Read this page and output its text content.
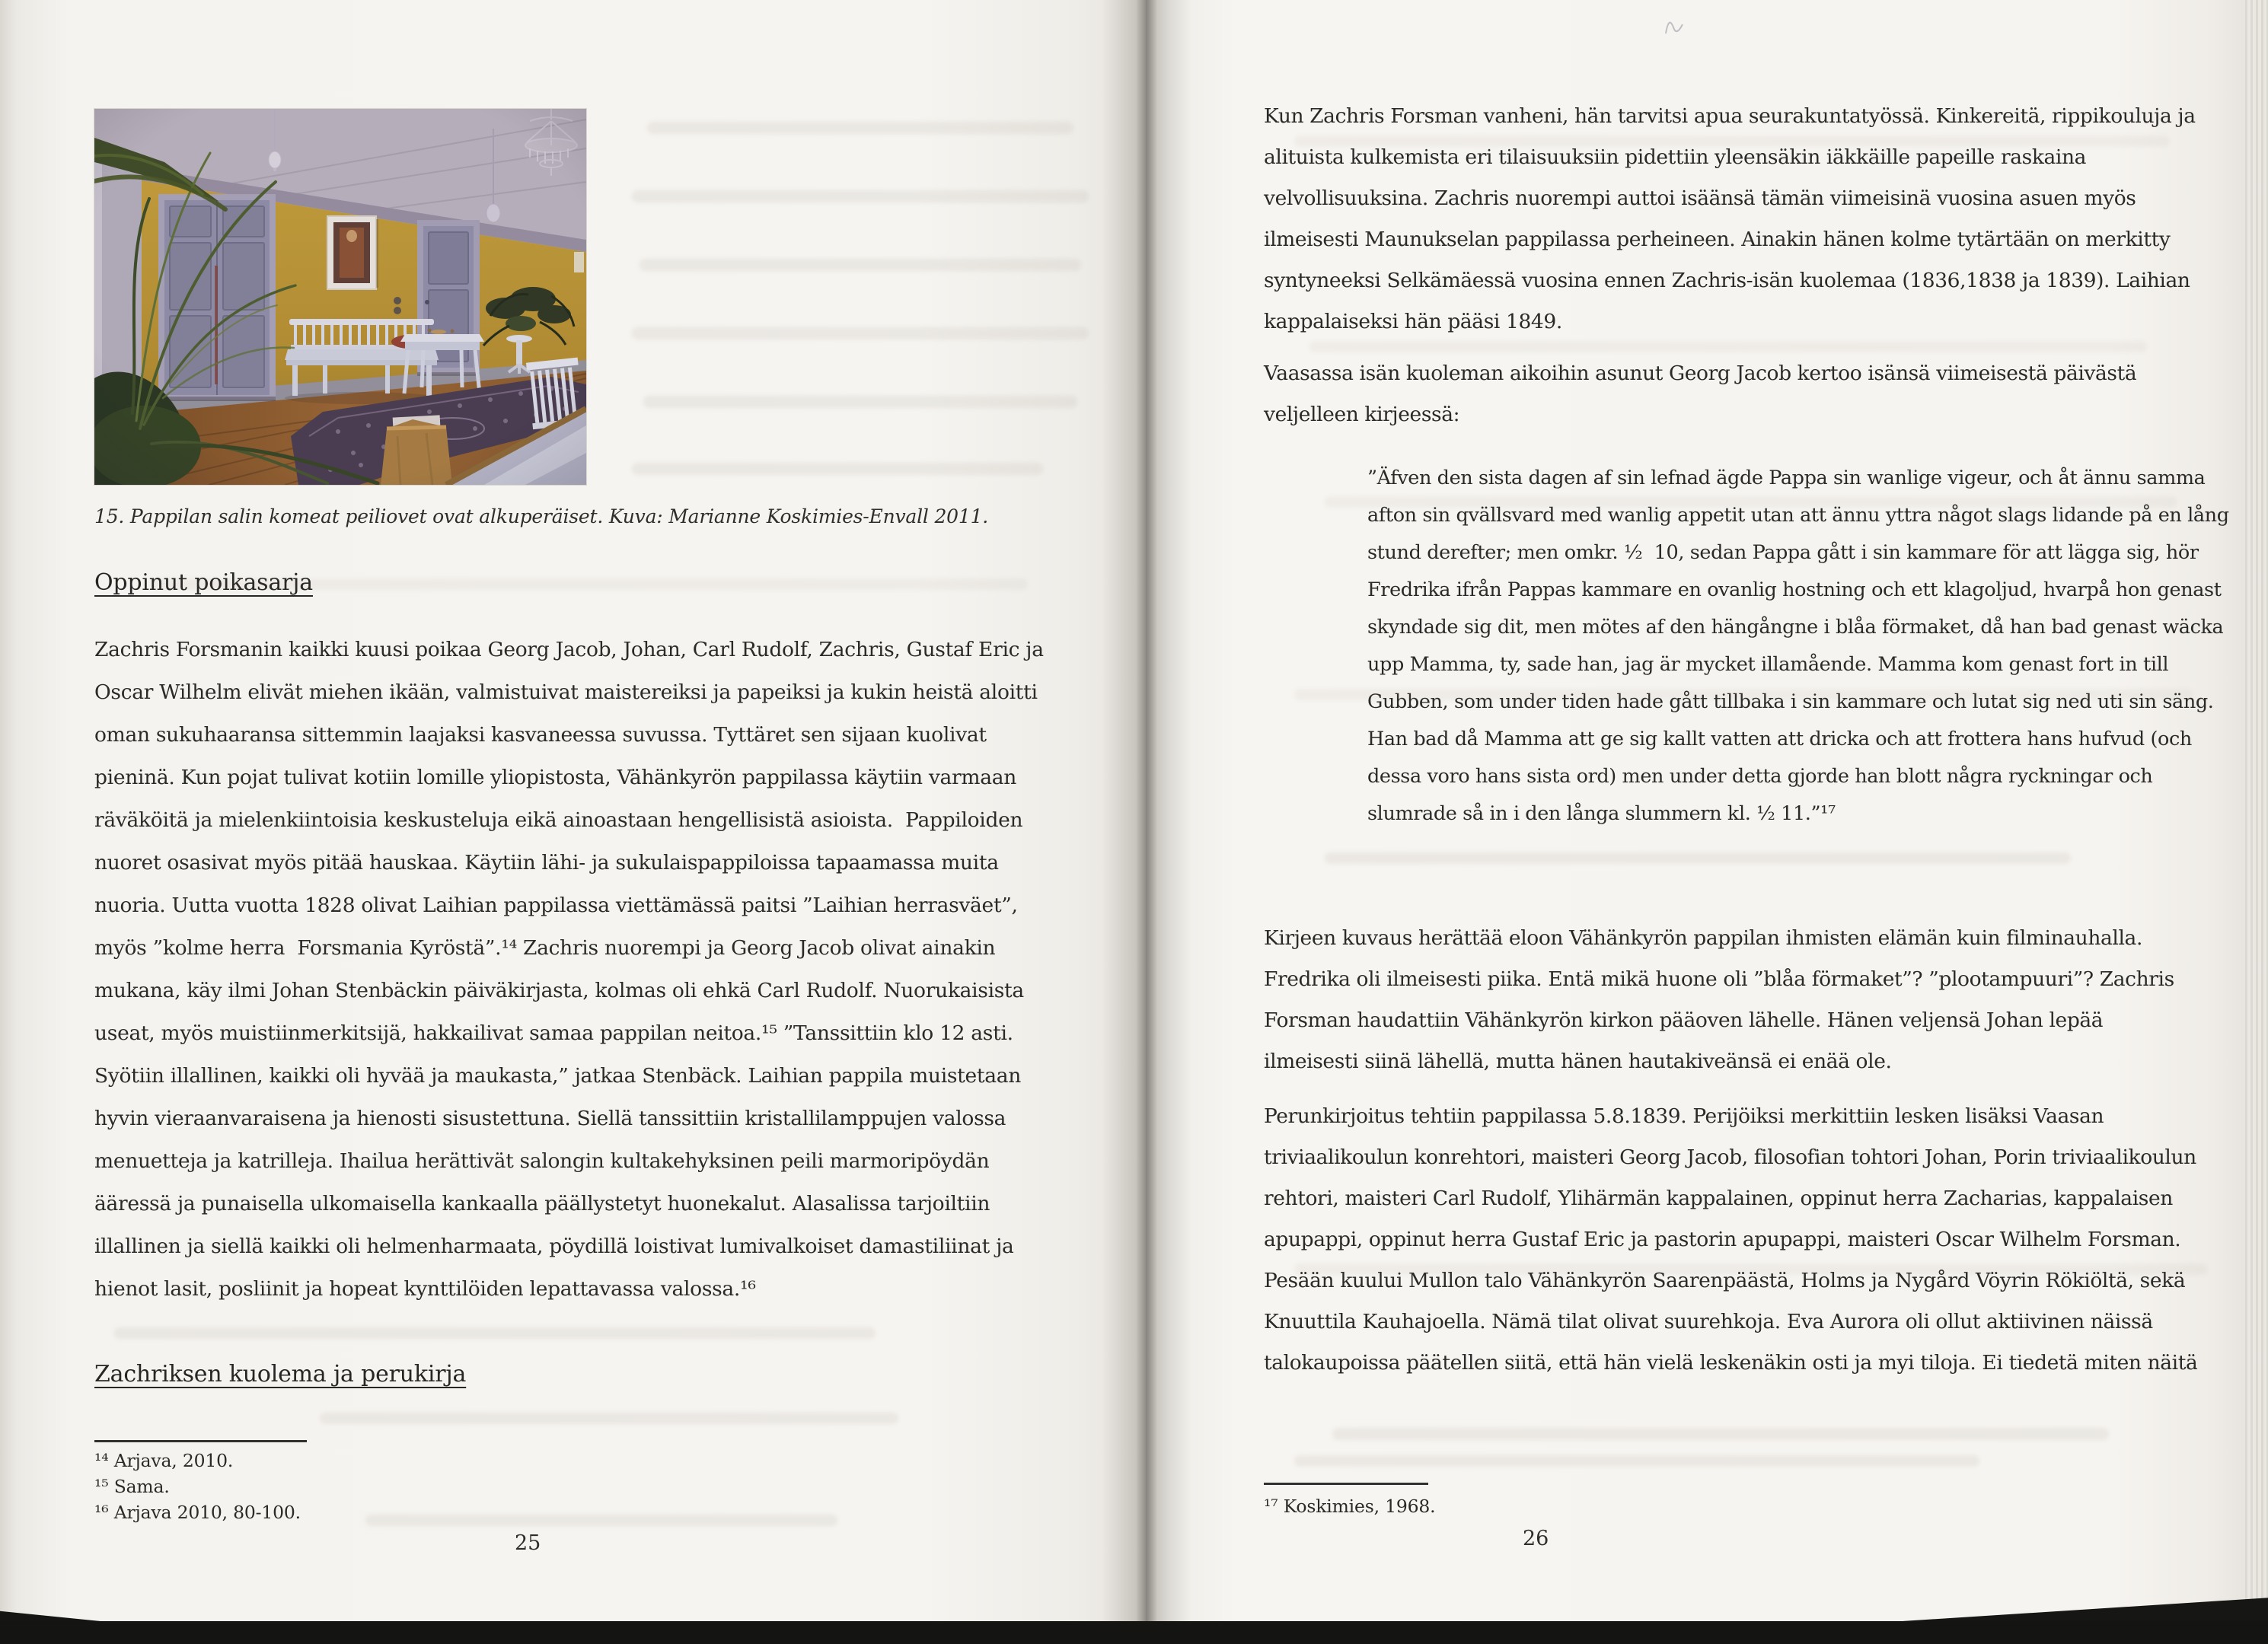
15. Pappilan salin komeat peiliovet ovat alkuperäiset. Kuva: Marianne Koskimies-Envall 2011.
Oppinut poikasarja
Zachris Forsmanin kaikki kuusi poikaa Georg Jacob, Johan, Carl Rudolf, Zachris, Gustaf Eric ja
Oscar Wilhelm elivät miehen ikään, valmistuivat maistereiksi ja papeiksi ja kukin heistä aloitti
oman sukuhaaransa sittemmin laajaksi kasvaneessa suvussa. Tyttäret sen sijaan kuolivat
pieninä. Kun pojat tulivat kotiin lomille yliopistosta, Vähänkyrön pappilassa käytiin varmaan
räväköitä ja mielenkiintoisia keskusteluja eikä ainoastaan hengellisistä asioista.  Pappiloiden
nuoret osasivat myös pitää hauskaa. Käytiin lähi- ja sukulaispappiloissa tapaamassa muita
nuoria. Uutta vuotta 1828 olivat Laihian pappilassa viettämässä paitsi ”Laihian herrasväet”,
myös ”kolme herra  Forsmania Kyröstä”.¹⁴ Zachris nuorempi ja Georg Jacob olivat ainakin
mukana, käy ilmi Johan Stenbäckin päiväkirjasta, kolmas oli ehkä Carl Rudolf. Nuorukaisista
useat, myös muistiinmerkitsijä, hakkailivat samaa pappilan neitoa.¹⁵ ”Tanssittiin klo 12 asti.
Syötiin illallinen, kaikki oli hyvää ja maukasta,” jatkaa Stenbäck. Laihian pappila muistetaan
hyvin vieraanvaraisena ja hienosti sisustettuna. Siellä tanssittiin kristallilamppujen valossa
menuetteja ja katrilleja. Ihailua herättivät salongin kultakehyksinen peili marmoripöydän
ääressä ja punaisella ulkomaisella kankaalla päällystetyt huonekalut. Alasalissa tarjoiltiin
illallinen ja siellä kaikki oli helmenharmaata, pöydillä loistivat lumivalkoiset damastiliinat ja
hienot lasit, posliinit ja hopeat kynttilöiden lepattavassa valossa.¹⁶
Zachriksen kuolema ja perukirja
¹⁴ Arjava, 2010.
¹⁵ Sama.
¹⁶ Arjava 2010, 80-100.
25
Kun Zachris Forsman vanheni, hän tarvitsi apua seurakuntatyössä. Kinkereitä, rippikouluja ja
alituista kulkemista eri tilaisuuksiin pidettiin yleensäkin iäkkäille papeille raskaina
velvollisuuksina. Zachris nuorempi auttoi isäänsä tämän viimeisinä vuosina asuen myös
ilmeisesti Maunukselan pappilassa perheineen. Ainakin hänen kolme tytärtään on merkitty
syntyneeksi Selkämäessä vuosina ennen Zachris-isän kuolemaa (1836,1838 ja 1839). Laihian
kappalaiseksi hän pääsi 1849.
Vaasassa isän kuoleman aikoihin asunut Georg Jacob kertoo isänsä viimeisestä päivästä
veljelleen kirjeessä:
”Äfven den sista dagen af sin lefnad ägde Pappa sin wanlige vigeur, och åt ännu samma
afton sin qvällsvard med wanlig appetit utan att ännu yttra något slags lidande på en lång
stund derefter; men omkr. ½  10, sedan Pappa gått i sin kammare för att lägga sig, hör
Fredrika ifrån Pappas kammare en ovanlig hostning och ett klagoljud, hvarpå hon genast
skyndade sig dit, men mötes af den hängångne i blåa förmaket, då han bad genast wäcka
upp Mamma, ty, sade han, jag är mycket illamående. Mamma kom genast fort in till
Gubben, som under tiden hade gått tillbaka i sin kammare och lutat sig ned uti sin säng.
Han bad då Mamma att ge sig kallt vatten att dricka och att frottera hans hufvud (och
dessa voro hans sista ord) men under detta gjorde han blott några ryckningar och
slumrade så in i den långa slummern kl. ½ 11.”¹⁷
Kirjeen kuvaus herättää eloon Vähänkyrön pappilan ihmisten elämän kuin filminauhalla.
Fredrika oli ilmeisesti piika. Entä mikä huone oli ”blåa förmaket”? ”plootampuuri”? Zachris
Forsman haudattiin Vähänkyrön kirkon pääoven lähelle. Hänen veljensä Johan lepää
ilmeisesti siinä lähellä, mutta hänen hautakiveänsä ei enää ole.
Perunkirjoitus tehtiin pappilassa 5.8.1839. Perijöiksi merkittiin lesken lisäksi Vaasan
triviaalikoulun konrehtori, maisteri Georg Jacob, filosofian tohtori Johan, Porin triviaalikoulun
rehtori, maisteri Carl Rudolf, Ylihärmän kappalainen, oppinut herra Zacharias, kappalaisen
apupappi, oppinut herra Gustaf Eric ja pastorin apupappi, maisteri Oscar Wilhelm Forsman.
Pesään kuului Mullon talo Vähänkyrön Saarenpäästä, Holms ja Nygård Vöyrin Rökiöltä, sekä
Knuuttila Kauhajoella. Nämä tilat olivat suurehkoja. Eva Aurora oli ollut aktiivinen näissä
talokaupoissa päätellen siitä, että hän vielä leskenäkin osti ja myi tiloja. Ei tiedetä miten näitä
¹⁷ Koskimies, 1968.
26
